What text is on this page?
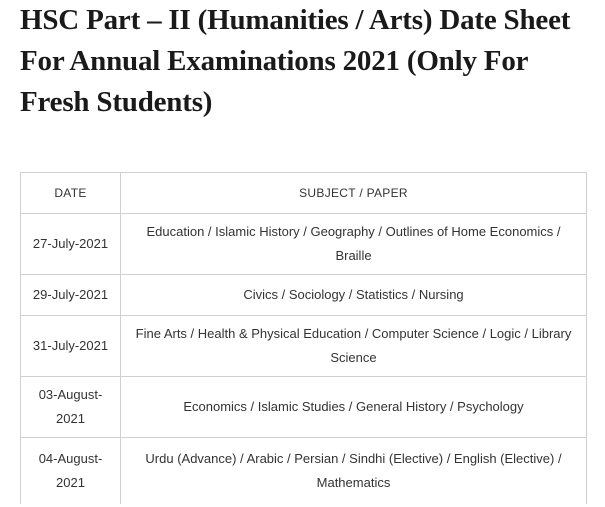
HSC Part – II (Humanities / Arts) Date Sheet For Annual Examinations 2021 (Only For Fresh Students)
DATE	SUBJECT / PAPER
27-July-2021	Education / Islamic History / Geography / Outlines of Home Economics / Braille
29-July-2021	Civics / Sociology / Statistics / Nursing
31-July-2021	Fine Arts / Health & Physical Education / Computer Science / Logic / Library Science
03-August-2021	Economics / Islamic Studies / General History / Psychology
04-August-2021	Urdu (Advance) / Arabic / Persian / Sindhi (Elective) / English (Elective) / Mathematics
